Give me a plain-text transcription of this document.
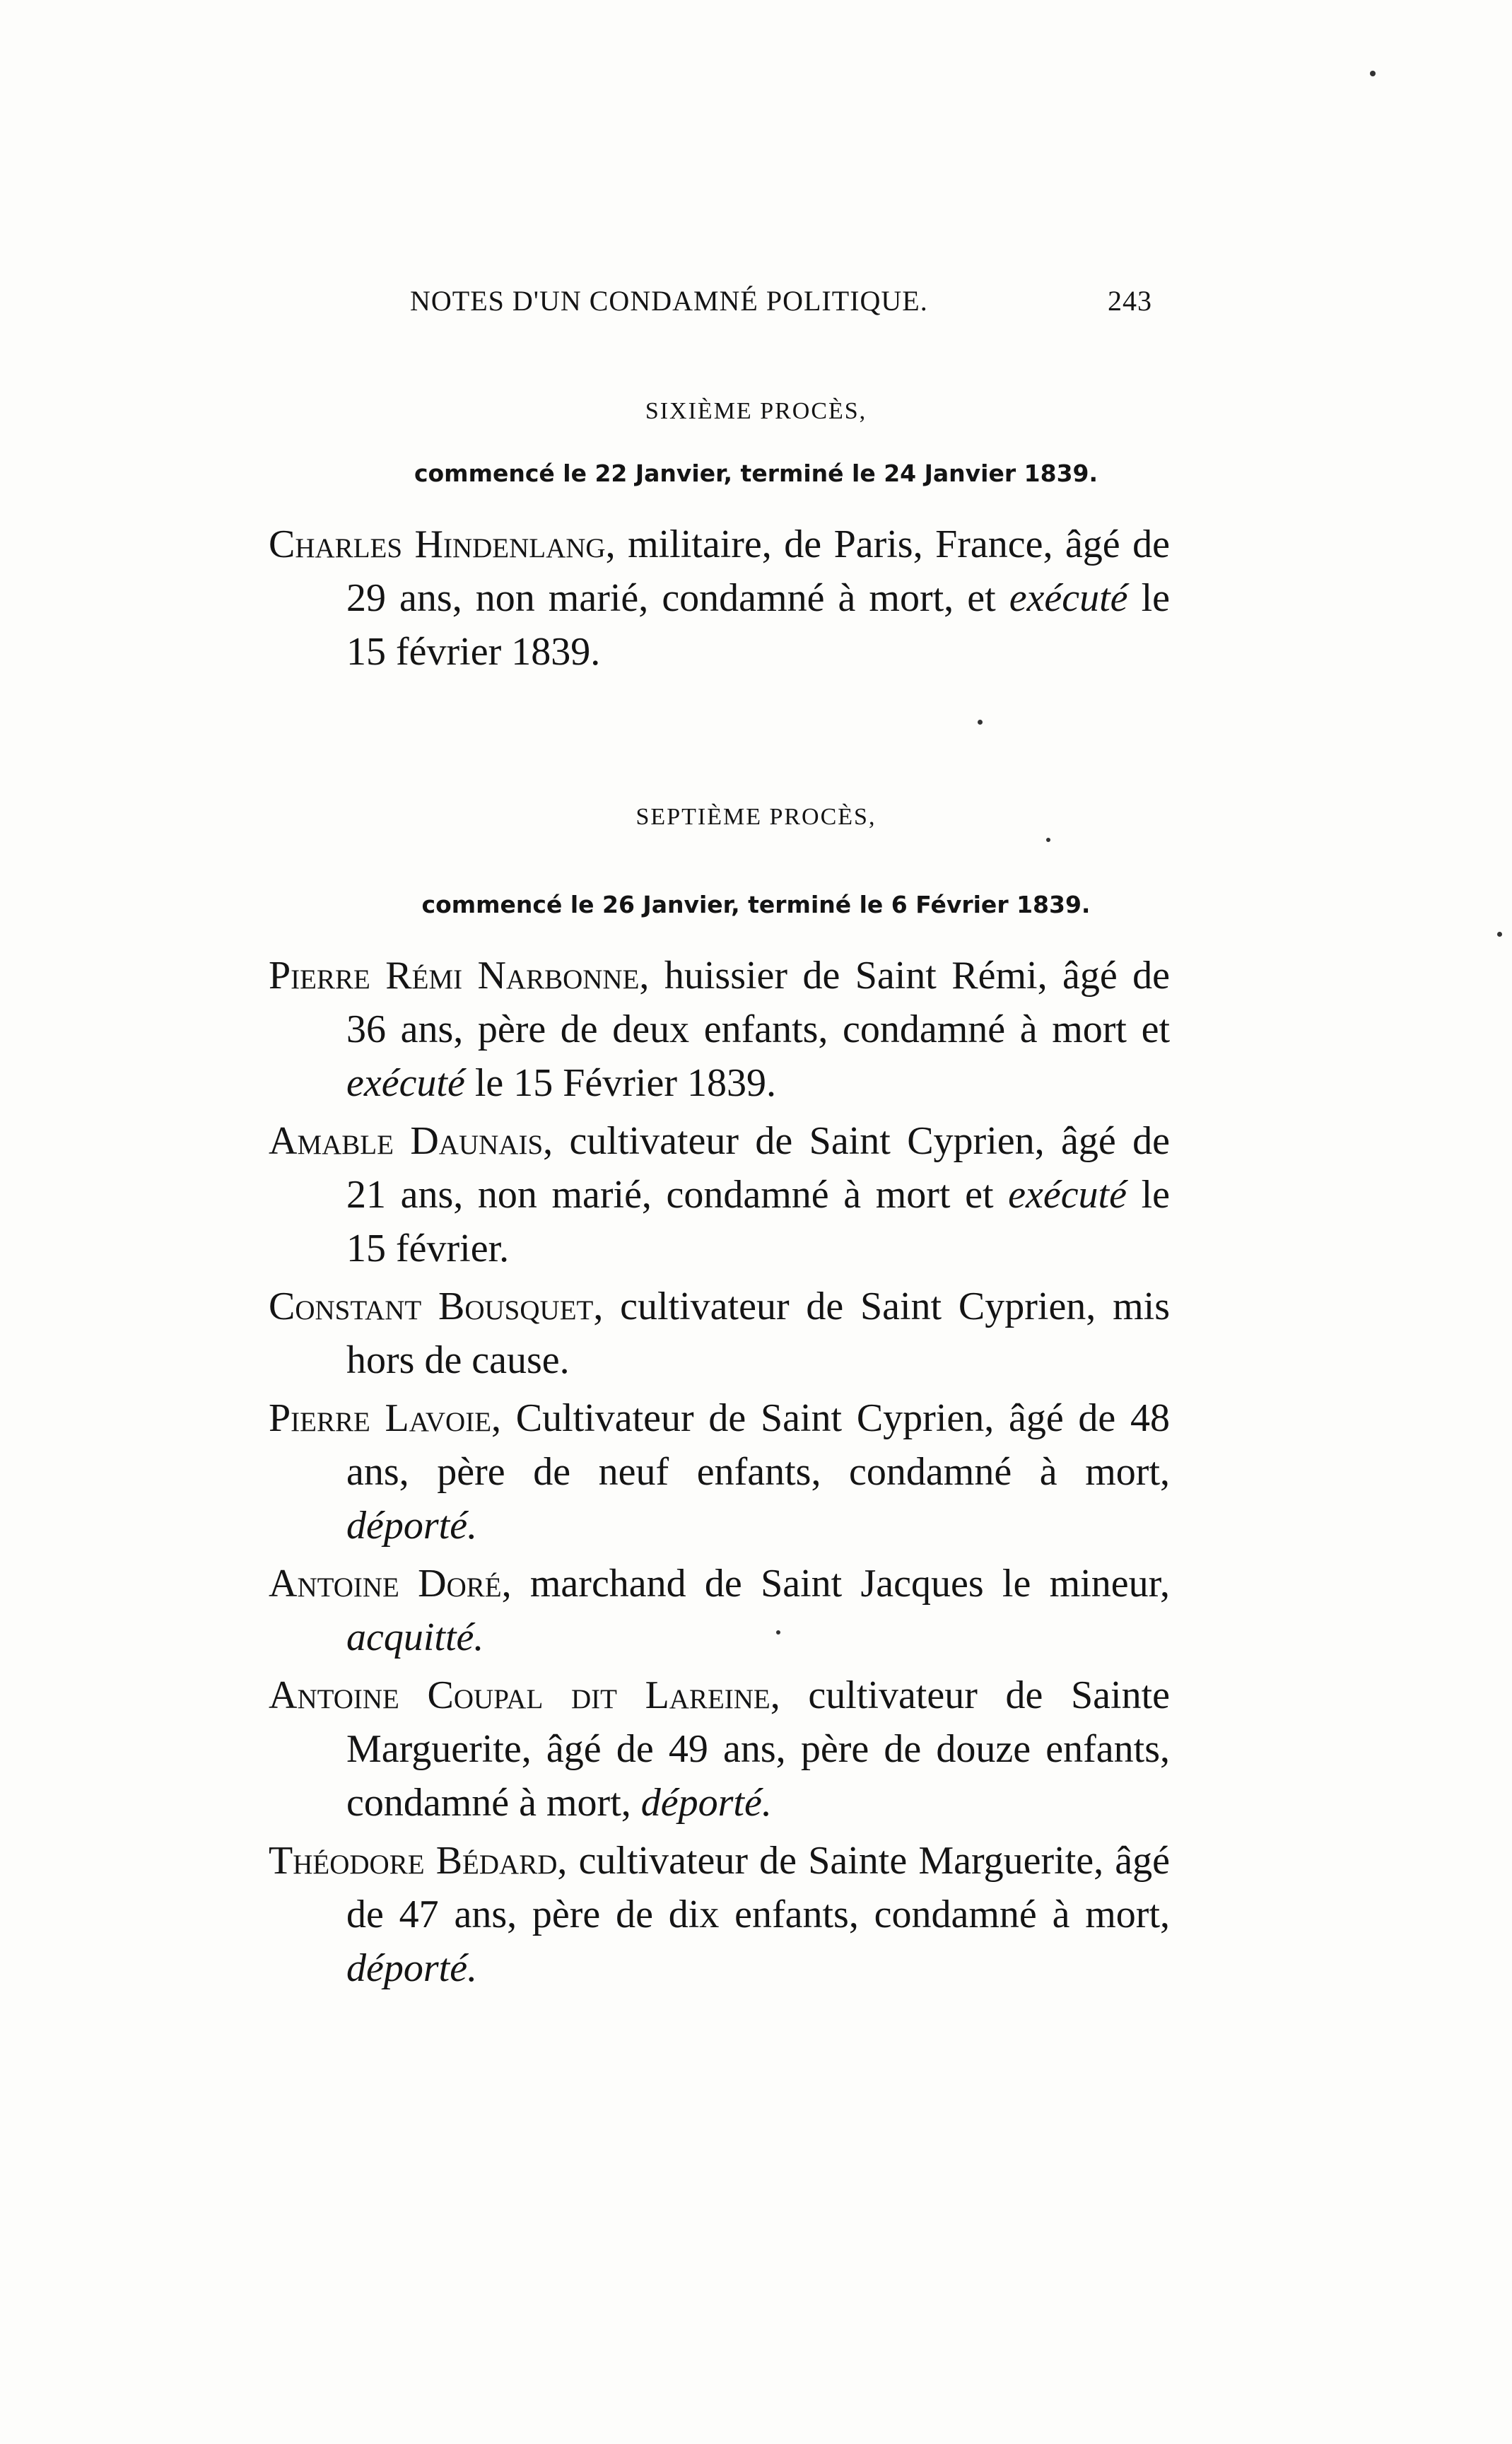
NOTES D'UN CONDAMNÉ POLITIQUE.	243
SIXIÈME PROCÈS,
commencé le 22 Janvier, terminé le 24 Janvier 1839.

Charles Hindenlang, militaire, de Paris, France, âgé de 29 ans, non marié, condamné à mort, et exécuté le 15 février 1839.

SEPTIÈME PROCÈS,
commencé le 26 Janvier, terminé le 6 Février 1839.

Pierre Rémi Narbonne, huissier de Saint Rémi, âgé de 36 ans, père de deux enfants, condamné à mort et exécuté le 15 Février 1839.

Amable Daunais, cultivateur de Saint Cyprien, âgé de 21 ans, non marié, condamné à mort et exécuté le 15 février.

Constant Bousquet, cultivateur de Saint Cyprien, mis hors de cause.

Pierre Lavoie, Cultivateur de Saint Cyprien, âgé de 48 ans, père de neuf enfants, condamné à mort, déporté.

Antoine Doré, marchand de Saint Jacques le mineur, acquitté.

Antoine Coupal dit Lareine, cultivateur de Sainte Marguerite, âgé de 49 ans, père de douze enfants, condamné à mort, déporté.

Théodore Bédard, cultivateur de Sainte Marguerite, âgé de 47 ans, père de dix enfants, condamné à mort, déporté.
